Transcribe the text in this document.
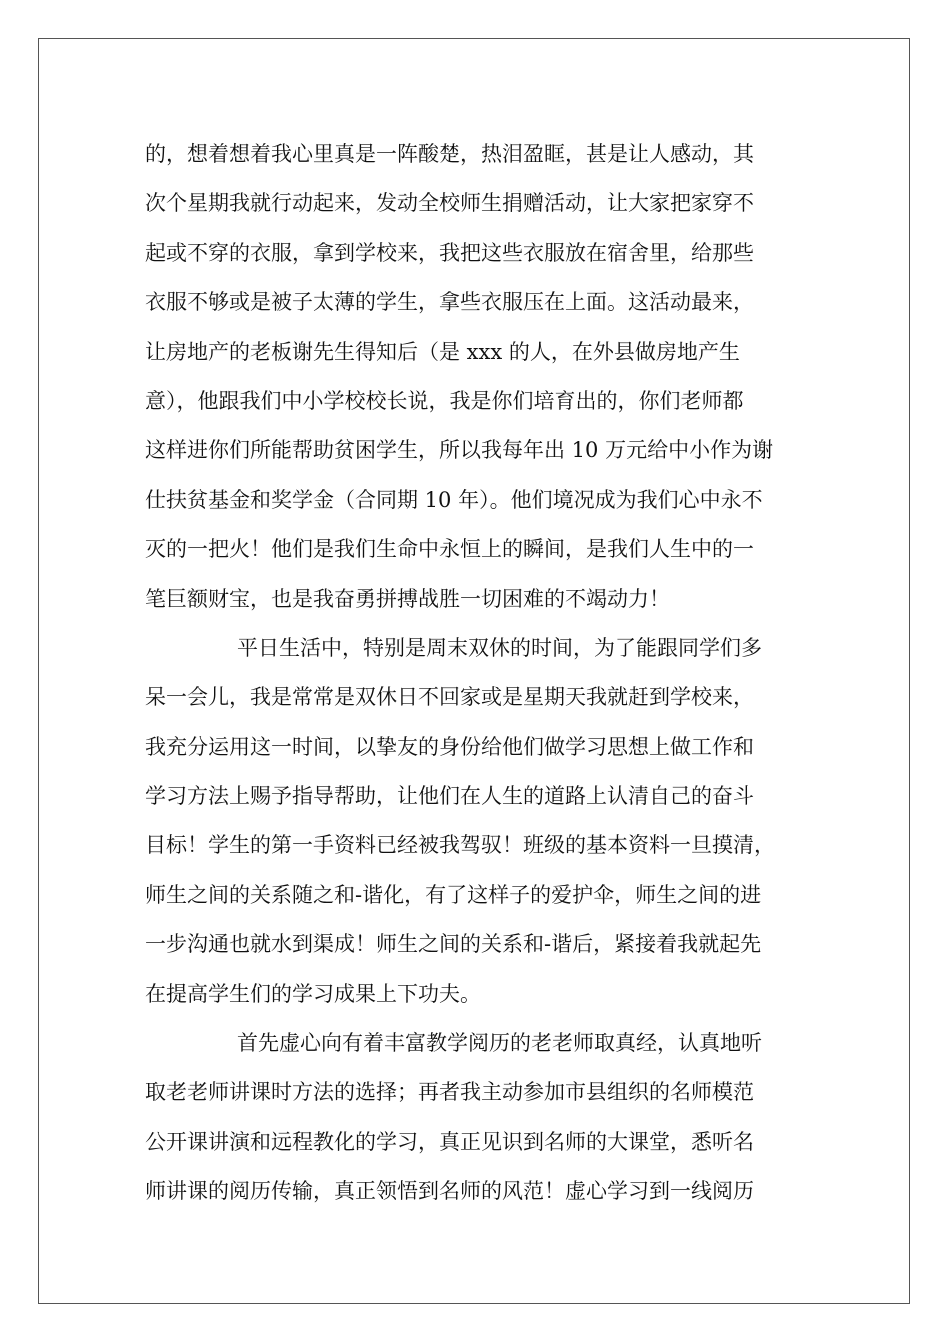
的，想着想着我心里真是一阵酸楚，热泪盈眶，甚是让人感动，其
次个星期我就行动起来，发动全校师生捐赠活动，让大家把家穿不
起或不穿的衣服，拿到学校来，我把这些衣服放在宿舍里，给那些
衣服不够或是被子太薄的学生，拿些衣服压在上面。这活动最来，
让房地产的老板谢先生得知后（是 xxx 的人，在外县做房地产生
意），他跟我们中小学校校长说，我是你们培育出的，你们老师都
这样进你们所能帮助贫困学生，所以我每年出 10 万元给中小作为谢
仕扶贫基金和奖学金（合同期 10 年）。他们境况成为我们心中永不
灭的一把火！他们是我们生命中永恒上的瞬间，是我们人生中的一
笔巨额财宝，也是我奋勇拼搏战胜一切困难的不竭动力！
平日生活中，特别是周末双休的时间，为了能跟同学们多
呆一会儿，我是常常是双休日不回家或是星期天我就赶到学校来，
我充分运用这一时间，以挚友的身份给他们做学习思想上做工作和
学习方法上赐予指导帮助，让他们在人生的道路上认清自己的奋斗
目标！学生的第一手资料已经被我驾驭！班级的基本资料一旦摸清，
师生之间的关系随之和-谐化，有了这样子的爱护伞，师生之间的进
一步沟通也就水到渠成！师生之间的关系和-谐后，紧接着我就起先
在提高学生们的学习成果上下功夫。
首先虚心向有着丰富教学阅历的老老师取真经，认真地听
取老老师讲课时方法的选择；再者我主动参加市县组织的名师模范
公开课讲演和远程教化的学习，真正见识到名师的大课堂，悉听名
师讲课的阅历传输，真正领悟到名师的风范！虚心学习到一线阅历
